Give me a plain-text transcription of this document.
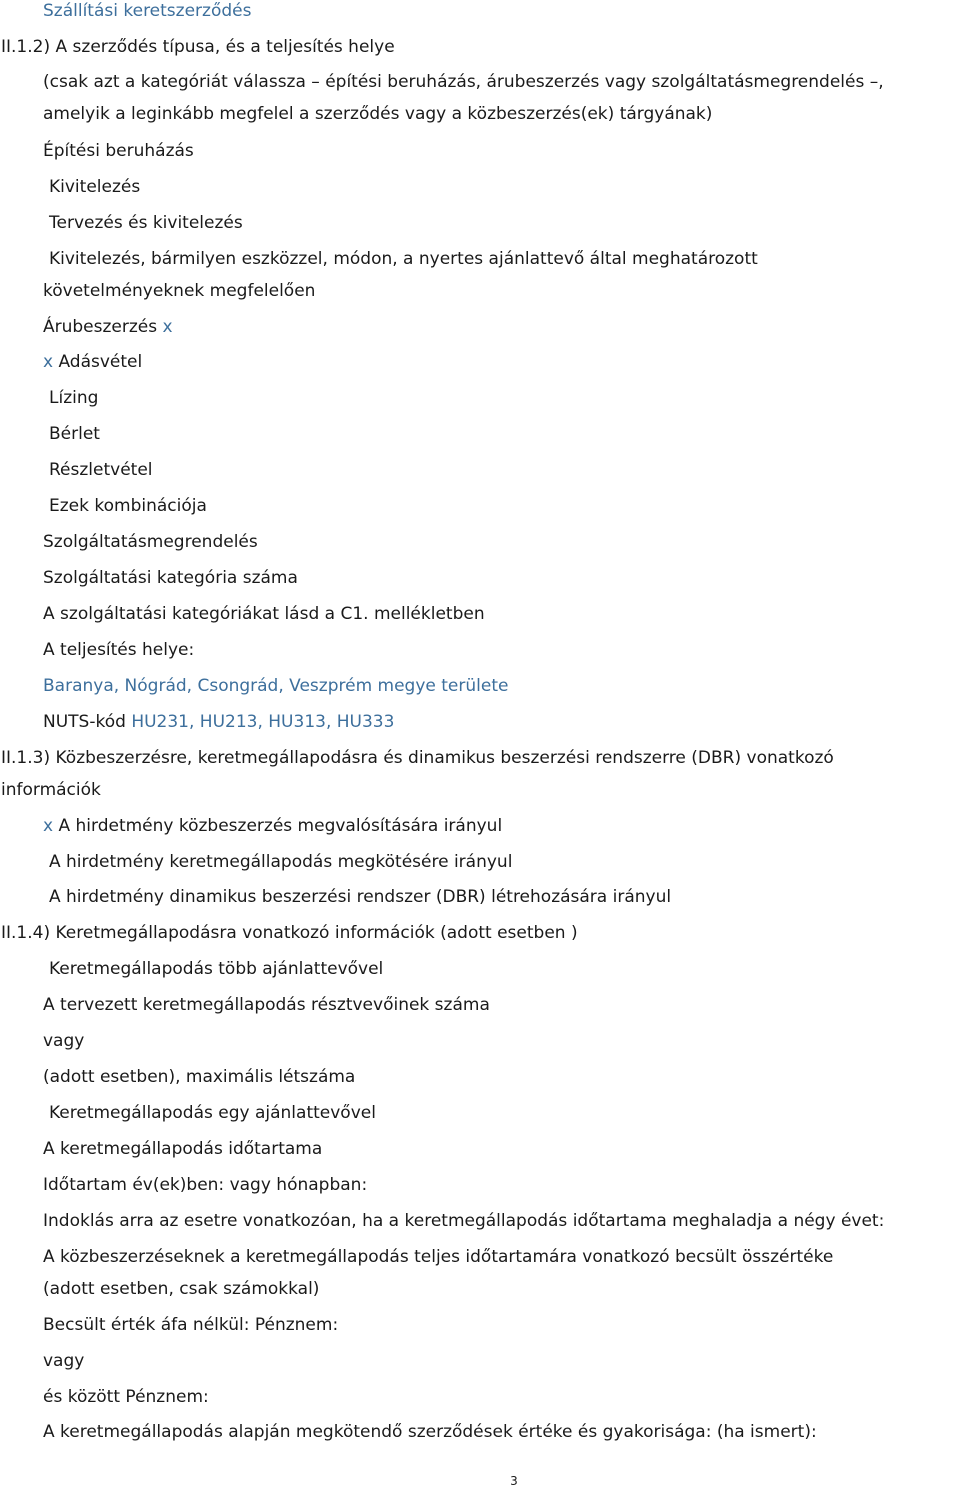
Szállítási keretszerződés
II.1.2) A szerződés típusa, és a teljesítés helye
(csak azt a kategóriát válassza – építési beruházás, árubeszerzés vagy szolgáltatásmegrendelés –,
amelyik a leginkább megfelel a szerződés vagy a közbeszerzés(ek) tárgyának)
Építési beruházás
Kivitelezés
Tervezés és kivitelezés
Kivitelezés, bármilyen eszközzel, módon, a nyertes ajánlattevő által meghatározott
követelményeknek megfelelően
Árubeszerzés x
x Adásvétel
Lízing
Bérlet
Részletvétel
Ezek kombinációja
Szolgáltatásmegrendelés
Szolgáltatási kategória száma
A szolgáltatási kategóriákat lásd a C1. mellékletben
A teljesítés helye:
Baranya, Nógrád, Csongrád, Veszprém megye területe
NUTS-kód HU231, HU213, HU313, HU333
II.1.3) Közbeszerzésre, keretmegállapodásra és dinamikus beszerzési rendszerre (DBR) vonatkozó
információk
x A hirdetmény közbeszerzés megvalósítására irányul
A hirdetmény keretmegállapodás megkötésére irányul
A hirdetmény dinamikus beszerzési rendszer (DBR) létrehozására irányul
II.1.4) Keretmegállapodásra vonatkozó információk (adott esetben )
Keretmegállapodás több ajánlattevővel
A tervezett keretmegállapodás résztvevőinek száma
vagy
(adott esetben), maximális létszáma
Keretmegállapodás egy ajánlattevővel
A keretmegállapodás időtartama
Időtartam év(ek)ben: vagy hónapban:
Indoklás arra az esetre vonatkozóan, ha a keretmegállapodás időtartama meghaladja a négy évet:
A közbeszerzéseknek a keretmegállapodás teljes időtartamára vonatkozó becsült összértéke
(adott esetben, csak számokkal)
Becsült érték áfa nélkül: Pénznem:
vagy
és között Pénznem:
A keretmegállapodás alapján megkötendő szerződések értéke és gyakorisága: (ha ismert):
3
